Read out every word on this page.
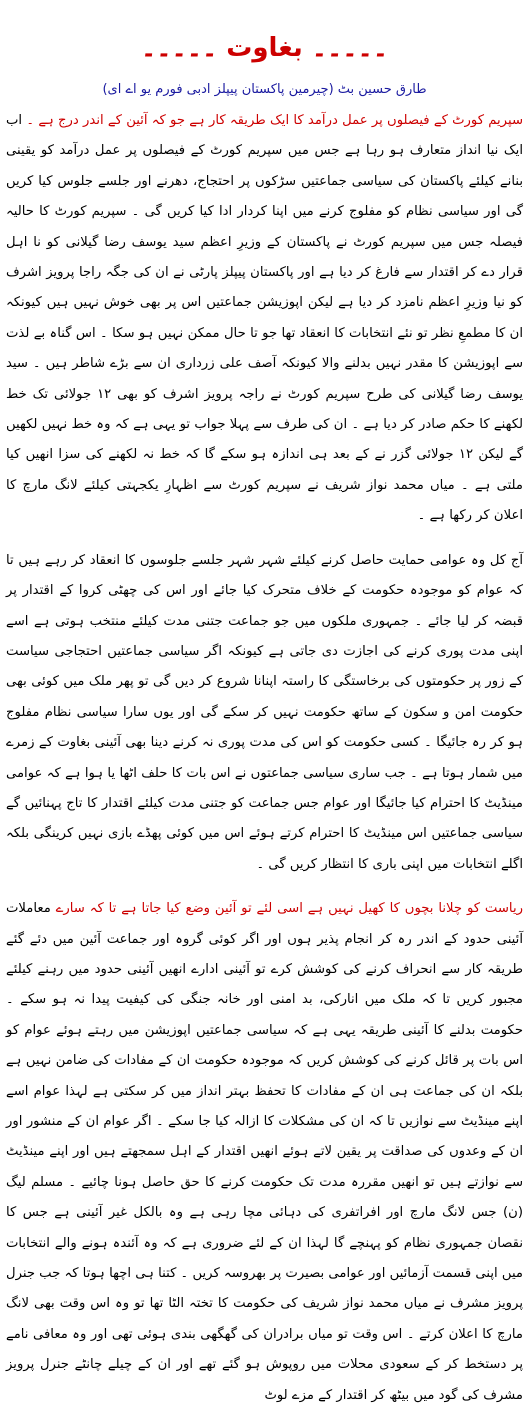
۔۔۔۔۔ بغاوت ۔۔۔۔۔
طارق حسین بٹ (چیرمین پاکستان پیپلز ادبی فورم یو اے ای)

سپریم کورٹ کے فیصلوں پر عمل درآمد کا ایک طریقہ کار ہے جو کہ آئین کے اندر درج ہے ۔ اب ایک نیا انداز متعارف ہو رہا ہے جس میں سپریم کورٹ کے فیصلوں پر عمل درآمد کو یقینی بنانے کیلئے پاکستان کی سیاسی جماعتیں سڑکوں پر احتجاج، دھرنے اور جلسے جلوس کیا کریں گی اور سیاسی نظام کو مفلوج کرنے میں اپنا کردار ادا کیا کریں گی ۔ سپریم کورٹ کا حالیہ فیصلہ جس میں سپریم کورٹ نے پاکستان کے وزیرِ اعظم سید یوسف رضا گیلانی کو نا اہل قرار دے کر اقتدار سے فارغ کر دیا ہے اور پاکستان پیپلز پارٹی نے ان کی جگہ راجا پرویز اشرف کو نیا وزیرِ اعظم نامزد کر دیا ہے لیکن اپوزیشن جماعتیں اس پر بھی خوش نہیں ہیں کیونکہ ان کا مطمعِ نظر تو نئے انتخابات کا انعقاد تھا جو تا حال ممکن نہیں ہو سکا ۔ اس گناہ بے لذت سے اپوزیشن کا مقدر نہیں بدلنے والا کیونکہ آصف علی زرداری ان سے بڑے شاطر ہیں ۔ سید یوسف رضا گیلانی کی طرح سپریم کورٹ نے راجہ پرویز اشرف کو بھی ۱۲ جولائی تک خط لکھنے کا حکم صادر کر دیا ہے ۔ ان کی طرف سے پہلا جواب تو یہی ہے کہ وہ خط نہیں لکھیں گے لیکن ۱۲ جولائی گزر نے کے بعد ہی اندازہ ہو سکے گا کہ خط نہ لکھنے کی سزا انھیں کیا ملتی ہے ۔ میاں محمد نواز شریف نے سپریم کورٹ سے اظہارِ یکجہتی کیلئے لانگ مارچ کا اعلان کر رکھا ہے ۔

آج کل وہ عوامی حمایت حاصل کرنے کیلئے شہر شہر جلسے جلوسوں کا انعقاد کر رہے ہیں تا کہ عوام کو موجودہ حکومت کے خلاف متحرک کیا جائے اور اس کی چھٹی کروا کے اقتدار پر قبضہ کر لیا جائے ۔ جمہوری ملکوں میں جو جماعت جتنی مدت کیلئے منتخب ہوتی ہے اسے اپنی مدت پوری کرنے کی اجازت دی جاتی ہے کیونکہ اگر سیاسی جماعتیں احتجاجی سیاست کے زور پر حکومتوں کی برخاستگی کا راستہ اپنانا شروع کر دیں گی تو پھر ملک میں کوئی بھی حکومت امن و سکون کے ساتھ حکومت نہیں کر سکے گی اور یوں سارا سیاسی نظام مفلوج ہو کر رہ جائیگا ۔ کسی حکومت کو اس کی مدت پوری نہ کرنے دینا بھی آئینی بغاوت کے زمرے میں شمار ہوتا ہے ۔ جب ساری سیاسی جماعتوں نے اس بات کا حلف اٹھا یا ہوا ہے کہ عوامی مینڈیٹ کا احترام کیا جائیگا اور عوام جس جماعت کو جتنی مدت کیلئے اقتدار کا تاج پہنائیں گے سیاسی جماعتیں اس مینڈیٹ کا احترام کرتے ہوئے اس میں کوئی پھڈے بازی نہیں کرینگی بلکہ اگلے انتخابات میں اپنی باری کا انتظار کریں گی ۔

ریاست کو چلانا بچوں کا کھیل نہیں ہے اسی لئے تو آئین وضع کیا جاتا ہے تا کہ سارے معاملات آئینی حدود کے اندر رہ کر انجام پذیر ہوں اور اگر کوئی گروہ اور جماعت آئین میں دئے گئے طریقہ کار سے انحراف کرنے کی کوشش کرے تو آئینی ادارے انھیں آئینی حدود میں رہنے کیلئے مجبور کریں تا کہ ملک میں انارکی، بد امنی اور خانہ جنگی کی کیفیت پیدا نہ ہو سکے ۔ حکومت بدلنے کا آئینی طریقہ یہی ہے کہ سیاسی جماعتیں اپوزیشن میں رہتے ہوئے عوام کو اس بات پر قائل کرنے کی کوشش کریں کہ موجودہ حکومت ان کے مفادات کی ضامن نہیں ہے بلکہ ان کی جماعت ہی ان کے مفادات کا تحفظ بہتر انداز میں کر سکتی ہے لہذا عوام اسے اپنے مینڈیٹ سے نوازیں تا کہ ان کی مشکلات کا ازالہ کیا جا سکے ۔ اگر عوام ان کے منشور اور ان کے وعدوں کی صداقت پر یقین لاتے ہوئے انھیں اقتدار کے اہل سمجھتے ہیں اور اپنے مینڈیٹ سے نوازتے ہیں تو انھیں مقررہ مدت تک حکومت کرنے کا حق حاصل ہونا چائیے ۔ مسلم لیگ (ن) جس لانگ مارچ اور افراتفری کی دہائی مچا رہی ہے وہ بالکل غیر آئینی ہے جس کا نقصان جمہوری نظام کو پہنچے گا لہذا ان کے لئے ضروری ہے کہ وہ آئندہ ہونے والے انتخابات میں اپنی قسمت آزمائیں اور عوامی بصیرت پر بھروسہ کریں ۔ کتنا ہی اچھا ہوتا کہ جب جنرل پرویز مشرف نے میاں محمد نواز شریف کی حکومت کا تختہ الٹا تھا تو وہ اس وقت بھی لانگ مارچ کا اعلان کرتے ۔ اس وقت تو میاں برادران کی گھگھی بندی ہوئی تھی اور وہ معافی نامے پر دستخط کر کے سعودی محلات میں روپوش ہو گئے تھے اور ان کے چیلے چانٹے جنرل پرویز مشرف کی گود میں بیٹھ کر اقتدار کے مزے لوٹ
